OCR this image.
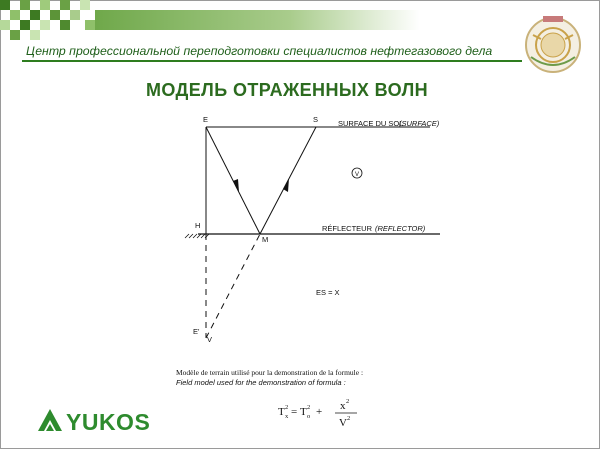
Центр профессиональной переподготовки специалистов нефтегазового дела
МОДЕЛЬ ОТРАЖЕННЫХ ВОЛН
E	S
H
M
E'
V
V
SURFACE DU SOL
(SURFACE)
RÉFLECTEUR (REFLECTOR)
ES = X
Modèle de terrain utilisé pour la demonstration de la formule :
Field model used for the demonstration of formula :
T 2
x = T 2
o + x 2
V 2
YUKOS
